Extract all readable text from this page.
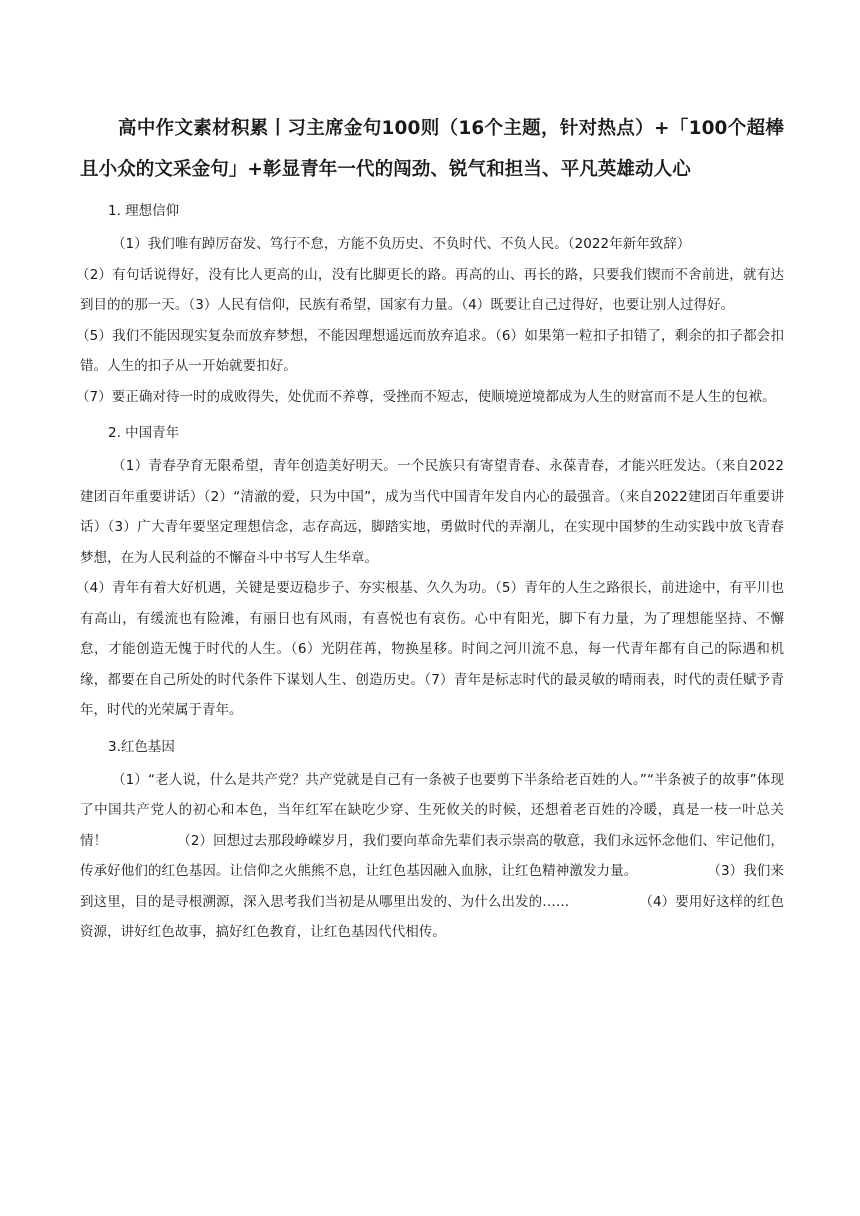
高中作文素材积累丨习主席金句100则（16个主题，针对热点）+「100个超棒且小众的文采金句」+彰显青年一代的闯劲、锐气和担当、平凡英雄动人心

1. 理想信仰

（1）我们唯有踔厉奋发、笃行不怠，方能不负历史、不负时代、不负人民。（2022年新年致辞）

（2）有句话说得好，没有比人更高的山，没有比脚更长的路。再高的山、再长的路，只要我们锲而不舍前进，就有达到目的的那一天。（3）人民有信仰，民族有希望，国家有力量。（4）既要让自己过得好，也要让别人过得好。

（5）我们不能因现实复杂而放弃梦想，不能因理想遥远而放弃追求。（6）如果第一粒扣子扣错了，剩余的扣子都会扣错。人生的扣子从一开始就要扣好。

（7）要正确对待一时的成败得失，处优而不养尊，受挫而不短志，使顺境逆境都成为人生的财富而不是人生的包袱。

2. 中国青年

（1）青春孕育无限希望，青年创造美好明天。一个民族只有寄望青春、永葆青春，才能兴旺发达。（来自2022建团百年重要讲话）（2）“清澈的爱，只为中国”，成为当代中国青年发自内心的最强音。（来自2022建团百年重要讲话）（3）广大青年要坚定理想信念，志存高远，脚踏实地，勇做时代的弄潮儿，在实现中国梦的生动实践中放飞青春梦想，在为人民利益的不懈奋斗中书写人生华章。

（4）青年有着大好机遇，关键是要迈稳步子、夯实根基、久久为功。（5）青年的人生之路很长，前进途中，有平川也有高山，有缓流也有险滩，有丽日也有风雨，有喜悦也有哀伤。心中有阳光，脚下有力量，为了理想能坚持、不懈怠，才能创造无愧于时代的人生。（6）光阴荏苒，物换星移。时间之河川流不息，每一代青年都有自己的际遇和机缘，都要在自己所处的时代条件下谋划人生、创造历史。（7）青年是标志时代的最灵敏的晴雨表，时代的责任赋予青年，时代的光荣属于青年。

3.红色基因

（1）“老人说，什么是共产党？共产党就是自己有一条被子也要剪下半条给老百姓的人。”“半条被子的故事”体现了中国共产党人的初心和本色，当年红军在缺吃少穿、生死攸关的时候，还想着老百姓的冷暖，真是一枝一叶总关情！	（2）回想过去那段峥嵘岁月，我们要向革命先辈们表示崇高的敬意，我们永远怀念他们、牢记他们，传承好他们的红色基因。让信仰之火熊熊不息，让红色基因融入血脉，让红色精神激发力量。	（3）我们来到这里，目的是寻根溯源，深入思考我们当初是从哪里出发的、为什么出发的……	（4）要用好这样的红色资源，讲好红色故事，搞好红色教育，让红色基因代代相传。
